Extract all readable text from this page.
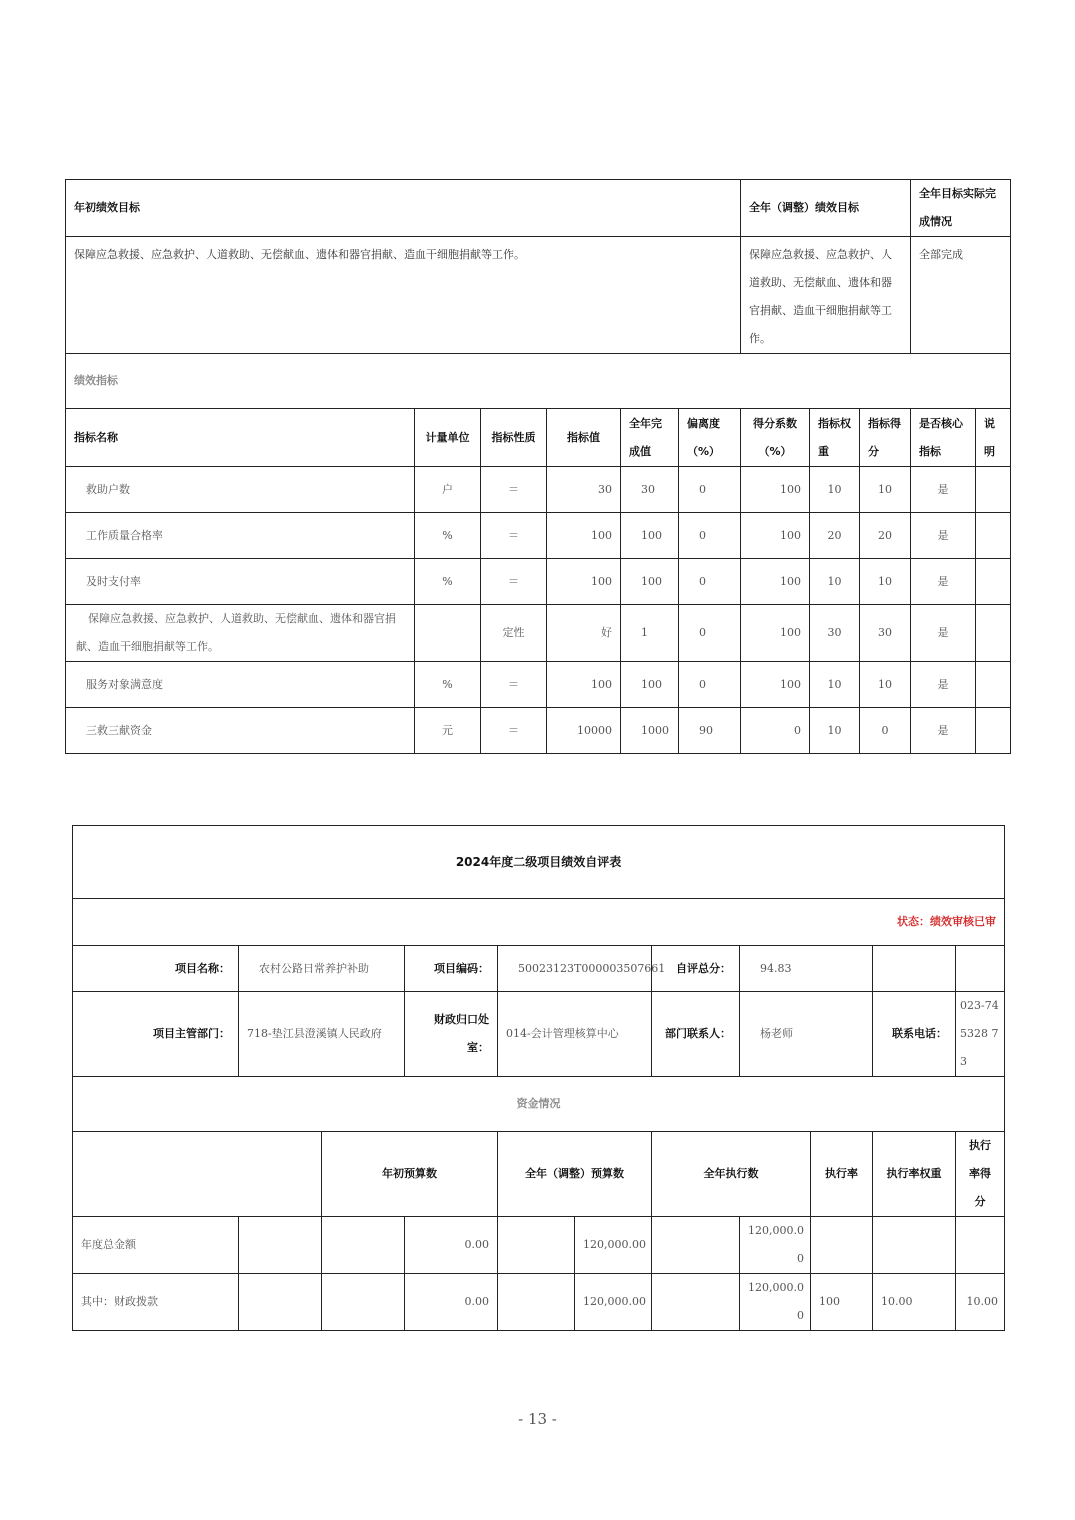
年初绩效目标						全年（调整）绩效目标			全年目标实际完成情况	
保障应急救援、应急救护、人道救助、无偿献血、遗体和器官捐献、造血干细胞捐献等工作。						保障应急救援、应急救护、人道救助、无偿献血、遗体和器官捐献、造血干细胞捐献等工作。			全部完成	
绩效指标										
指标名称	计量单位	指标性质	指标值	全年完成值	偏离度（%）	得分系数（%）	指标权重	指标得分	是否核心指标	说明
救助户数	户	＝	30	30	0	100	10	10	是	
工作质量合格率	%	＝	100	100	0	100	20	20	是	
及时支付率	%	＝	100	100	0	100	10	10	是	
保障应急救援、应急救护、人道救助、无偿献血、遗体和器官捐献、造血干细胞捐献等工作。		定性	好	1	0	100	30	30	是	
服务对象满意度	%	＝	100	100	0	100	10	10	是	
三救三献资金	元	＝	10000	1000	90	0	10	0	是	
2024年度二级项目绩效自评表										
状态：绩效审核已审										
项目名称：	农村公路日常养护补助		项目编码：	50023123T000003507661		自评总分：	94.83			
项目主管部门：	718-垫江县澄溪镇人民政府		财政归口处室：	014-会计管理核算中心		部门联系人：	杨老师		联系电话：	023-745328 73
资金情况										
		年初预算数		全年（调整）预算数		全年执行数		执行率	执行率权重	执行率得分
年度总金额			0.00		120,000.00		120,000.00			
其中：财政拨款			0.00		120,000.00		120,000.00	100	10.00	10.00
- 13 -
